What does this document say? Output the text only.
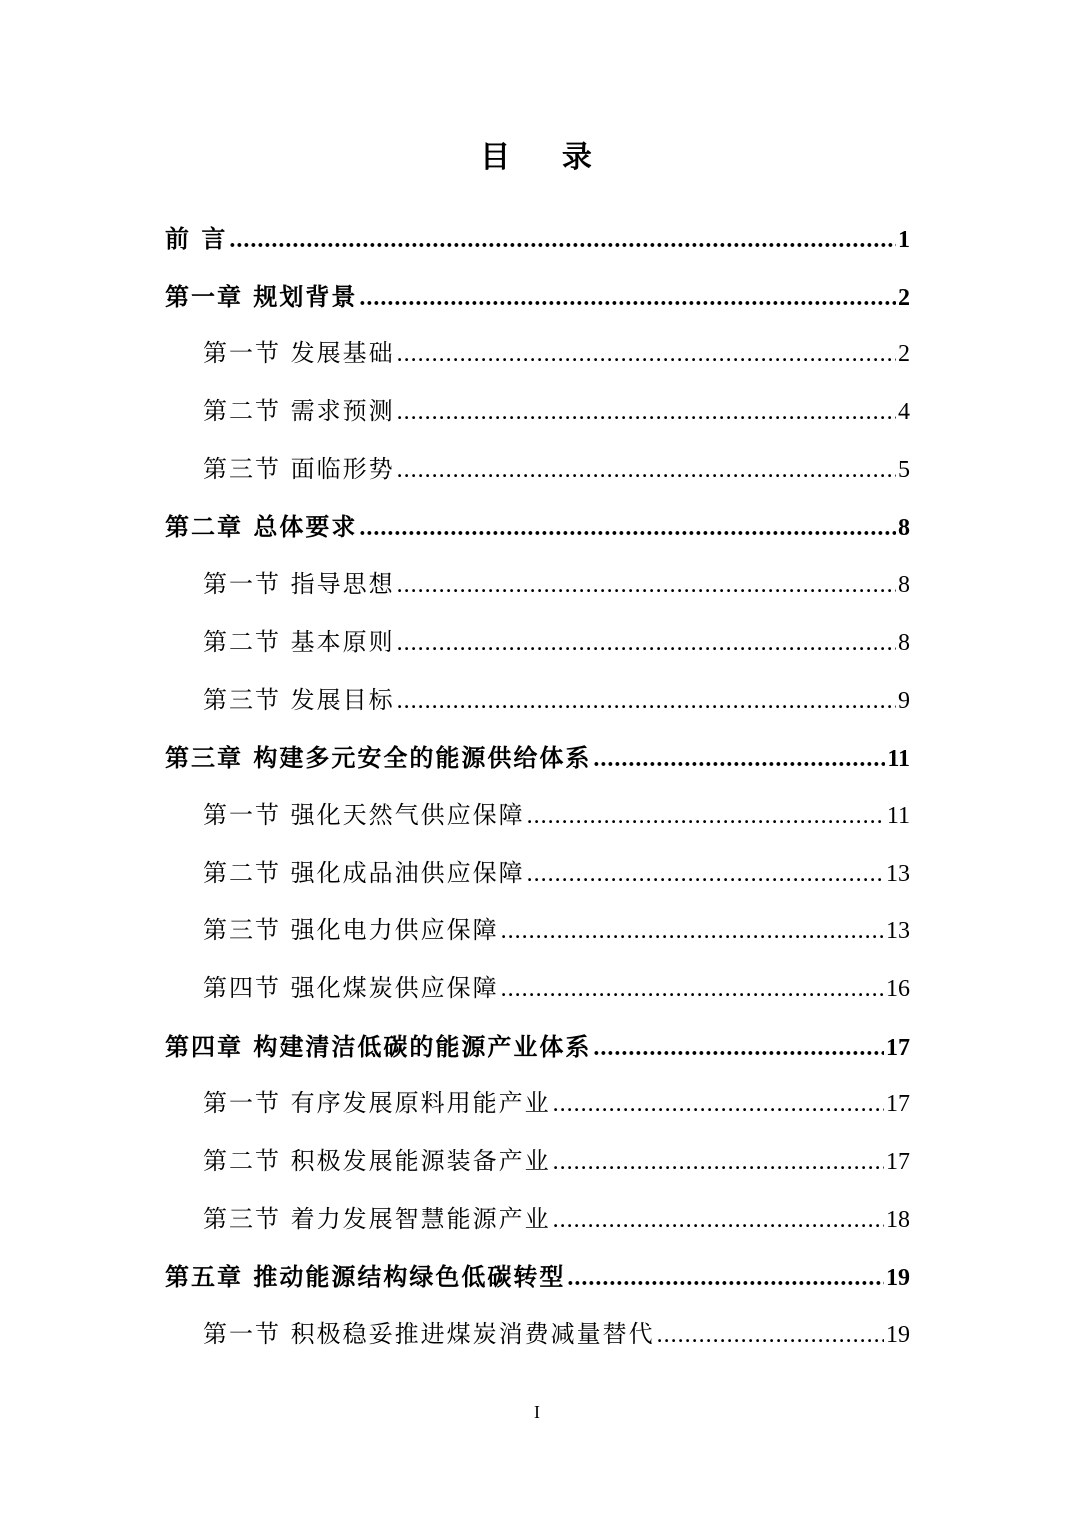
目    录
前 言 .....	1
第一章 规划背景 .....	2
第一节 发展基础 .....	2
第二节 需求预测 .....	4
第三节 面临形势 .....	5
第二章 总体要求 .....	8
第一节 指导思想 .....	8
第二节 基本原则 .....	8
第三节 发展目标 .....	9
第三章 构建多元安全的能源供给体系 .....	11
第一节 强化天然气供应保障 .....	11
第二节 强化成品油供应保障 .....	13
第三节 强化电力供应保障 .....	13
第四节 强化煤炭供应保障 .....	16
第四章 构建清洁低碳的能源产业体系 .....	17
第一节 有序发展原料用能产业 .....	17
第二节 积极发展能源装备产业 .....	17
第三节 着力发展智慧能源产业 .....	18
第五章 推动能源结构绿色低碳转型 .....	19
第一节 积极稳妥推进煤炭消费减量替代 .....	19
I
